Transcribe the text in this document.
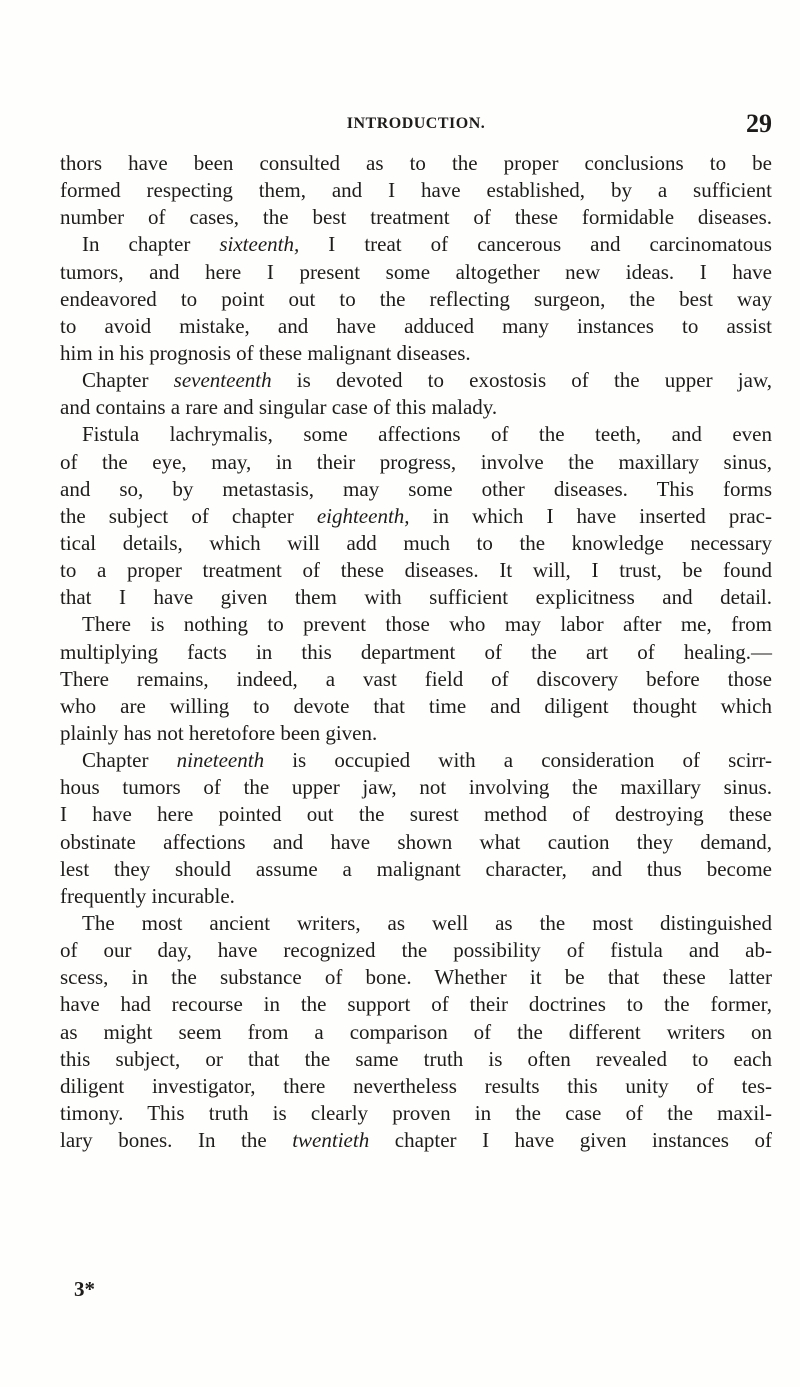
INTRODUCTION.	29
thors have been consulted as to the proper conclusions to be
formed respecting them, and I have established, by a sufficient
number of cases, the best treatment of these formidable diseases.
In chapter sixteenth, I treat of cancerous and carcinomatous
tumors, and here I present some altogether new ideas. I have
endeavored to point out to the reflecting surgeon, the best way
to avoid mistake, and have adduced many instances to assist
him in his prognosis of these malignant diseases.
Chapter seventeenth is devoted to exostosis of the upper jaw,
and contains a rare and singular case of this malady.
Fistula lachrymalis, some affections of the teeth, and even
of the eye, may, in their progress, involve the maxillary sinus,
and so, by metastasis, may some other diseases. This forms
the subject of chapter eighteenth, in which I have inserted prac-
tical details, which will add much to the knowledge necessary
to a proper treatment of these diseases. It will, I trust, be found
that I have given them with sufficient explicitness and detail.
There is nothing to prevent those who may labor after me, from
multiplying facts in this department of the art of healing.—
There remains, indeed, a vast field of discovery before those
who are willing to devote that time and diligent thought which
plainly has not heretofore been given.
Chapter nineteenth is occupied with a consideration of scirr-
hous tumors of the upper jaw, not involving the maxillary sinus.
I have here pointed out the surest method of destroying these
obstinate affections and have shown what caution they demand,
lest they should assume a malignant character, and thus become
frequently incurable.
The most ancient writers, as well as the most distinguished
of our day, have recognized the possibility of fistula and ab-
scess, in the substance of bone. Whether it be that these latter
have had recourse in the support of their doctrines to the former,
as might seem from a comparison of the different writers on
this subject, or that the same truth is often revealed to each
diligent investigator, there nevertheless results this unity of tes-
timony. This truth is clearly proven in the case of the maxil-
lary bones. In the twentieth chapter I have given instances of
3*
